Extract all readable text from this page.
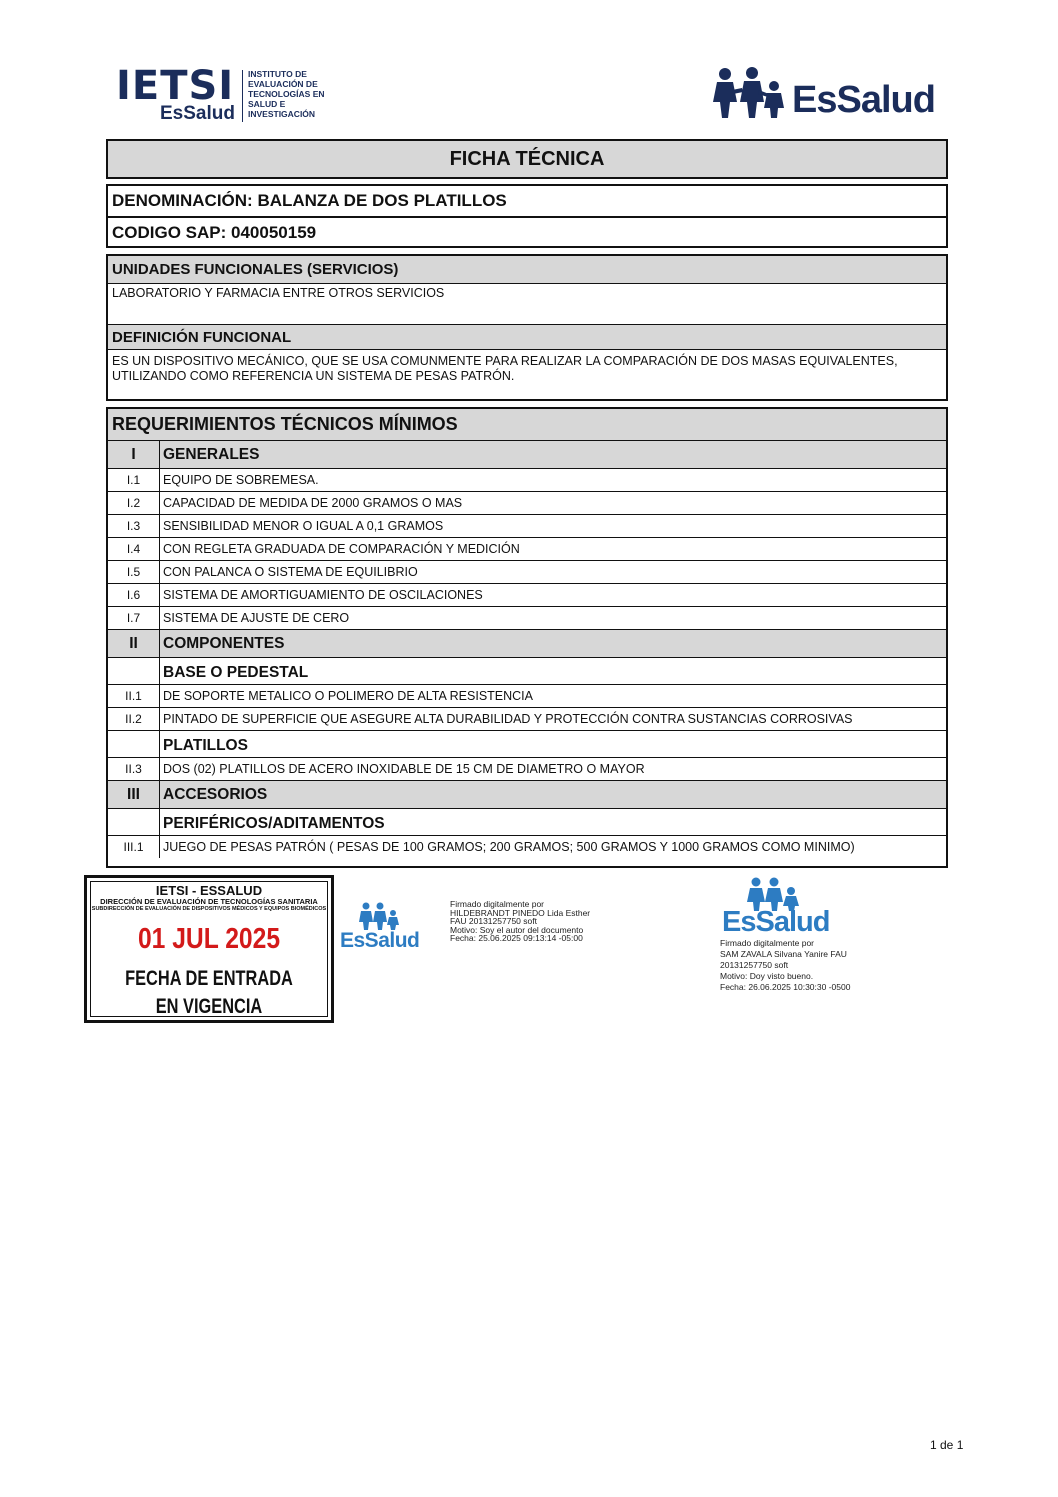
IETSI
EsSalud
INSTITUTO DE
EVALUACIÓN DE
TECNOLOGÍAS EN
SALUD E
INVESTIGACIÓN	EsSalud
FICHA TÉCNICA
DENOMINACIÓN: BALANZA DE DOS PLATILLOS
CODIGO SAP: 040050159
UNIDADES FUNCIONALES (SERVICIOS)
LABORATORIO Y FARMACIA ENTRE OTROS SERVICIOS
DEFINICIÓN FUNCIONAL
ES UN DISPOSITIVO MECÁNICO, QUE SE USA COMUNMENTE PARA REALIZAR LA COMPARACIÓN DE DOS MASAS EQUIVALENTES, UTILIZANDO COMO REFERENCIA UN SISTEMA DE PESAS PATRÓN.
REQUERIMIENTOS TÉCNICOS MÍNIMOS
I	GENERALES
I.1	EQUIPO DE SOBREMESA.
I.2	CAPACIDAD DE MEDIDA DE 2000 GRAMOS O MAS
I.3	SENSIBILIDAD MENOR O IGUAL A 0,1 GRAMOS
I.4	CON REGLETA GRADUADA DE COMPARACIÓN Y MEDICIÓN
I.5	CON PALANCA O SISTEMA DE EQUILIBRIO
I.6	SISTEMA DE AMORTIGUAMIENTO DE OSCILACIONES
I.7	SISTEMA DE AJUSTE DE CERO
II	COMPONENTES
BASE O PEDESTAL
II.1	DE SOPORTE METALICO O POLIMERO DE ALTA RESISTENCIA
II.2	PINTADO DE SUPERFICIE QUE ASEGURE ALTA DURABILIDAD Y PROTECCIÓN CONTRA SUSTANCIAS CORROSIVAS
PLATILLOS
II.3	DOS (02) PLATILLOS DE ACERO INOXIDABLE DE 15 CM DE DIAMETRO O MAYOR
III	ACCESORIOS
PERIFÉRICOS/ADITAMENTOS
III.1	JUEGO DE PESAS PATRÓN ( PESAS DE 100 GRAMOS; 200 GRAMOS; 500 GRAMOS Y 1000 GRAMOS COMO MINIMO)
IETSI - ESSALUD
DIRECCIÓN DE EVALUACIÓN DE TECNOLOGÍAS SANITARIA
SUBDIRECCIÓN DE EVALUACIÓN DE DISPOSITIVOS MÉDICOS Y EQUIPOS BIOMÉDICOS
01 JUL 2025
FECHA DE ENTRADA EN VIGENCIA
EsSalud
Firmado digitalmente por
HILDEBRANDT PINEDO Lida Esther
FAU 20131257750 soft
Motivo: Soy el autor del documento
Fecha: 25.06.2025 09:13:14 -05:00	EsSalud
Firmado digitalmente por
SAM ZAVALA Silvana Yanire FAU
20131257750 soft
Motivo: Doy visto bueno.
Fecha: 26.06.2025 10:30:30 -0500
1 de 1
